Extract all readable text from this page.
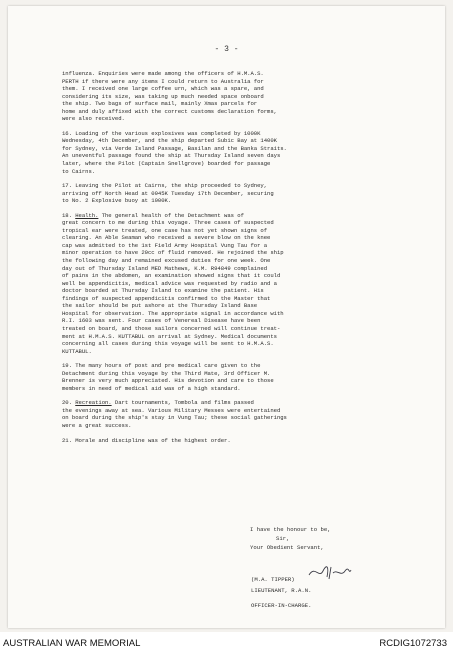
- 3 -
influenza. Enquiries were made among the officers of H.M.A.S.
PERTH if there were any items I could return to Australia for
them. I received one large coffee urn, which was a spare, and
considering its size, was taking up much needed space onboard
the ship. Two bags of surface mail, mainly Xmas parcels for
home and duly affixed with the correct customs declaration forms,
were also received.
16. Loading of the various explosives was completed by 1000K
Wednesday, 4th December, and the ship departed Subic Bay at 1400K
for Sydney, via Verde Island Passage, Basilan and the Banka Straits.
An uneventful passage found the ship at Thursday Island seven days
later, where the Pilot (Captain Snellgrove) boarded for passage
to Cairns.
17. Leaving the Pilot at Cairns, the ship proceeded to Sydney,
arriving off North Head at 0945K Tuesday 17th December, securing
to No. 2 Explosive buoy at 1000K.
18. Health. The general health of the Detachment was of
great concern to me during this voyage. Three cases of suspected
tropical ear were treated, one case has not yet shown signs of
clearing. An Able Seaman who received a severe blow on the knee
cap was admitted to the 1st Field Army Hospital Vung Tau for a
minor operation to have 20cc of fluid removed. He rejoined the ship
the following day and remained excused duties for one week. One
day out of Thursday Island MED Mathews, K.M. R94849 complained
of pains in the abdomen, an examination showed signs that it could
well be appendicitis, medical advice was requested by radio and a
doctor boarded at Thursday Island to examine the patient. His
findings of suspected appendicitis confirmed to the Master that
the sailor should be put ashore at the Thursday Island Base
Hospital for observation. The appropriate signal in accordance with
R.I. 1603 was sent. Four cases of Venereal Disease have been
treated on board, and those sailors concerned will continue treat-
ment at H.M.A.S. KUTTABUL on arrival at Sydney. Medical documents
concerning all cases during this voyage will be sent to H.M.A.S.
KUTTABUL.
19. The many hours of post and pre medical care given to the
Detachment during this voyage by the Third Mate, 3rd Officer M.
Brenner is very much appreciated. His devotion and care to those
members in need of medical aid was of a high standard.
20. Recreation. Dart tournaments, Tombola and films passed
the evenings away at sea. Various Military Messes were entertained
on board during the ship's stay in Vung Tau; these social gatherings
were a great success.
21. Morale and discipline was of the highest order.
I have the honour to be,
Sir,
Your Obedient Servant,
(M.A. TIPPER)
LIEUTENANT, R.A.N.
OFFICER-IN-CHARGE.
AUSTRALIAN WAR MEMORIAL	RCDIG1072733
